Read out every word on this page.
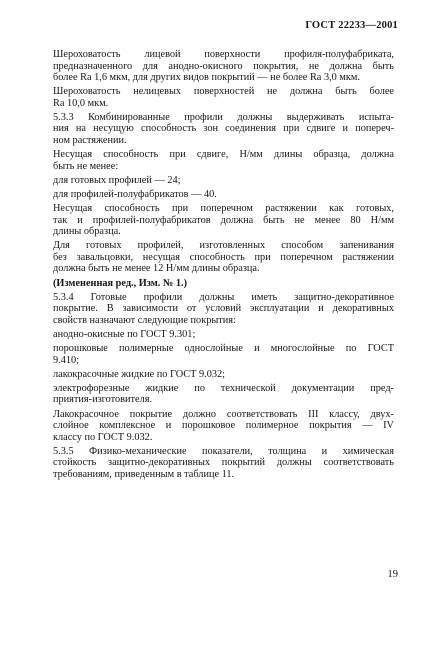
ГОСТ 22233—2001
Шероховатость лицевой поверхности профиля-полуфабриката,
предназначенного для анодно-окисного покрытия, не должна быть
более Ra 1,6 мкм, для других видов покрытий — не более Ra 3,0 мкм.
Шероховатость нелицевых поверхностей не должна быть более
Ra 10,0 мкм.
5.3.3 Комбинированные профили должны выдерживать испыта-
ния на несущую способность зон соединения при сдвиге и попереч-
ном растяжении.
Несущая способность при сдвиге, Н/мм длины образца, должна
быть не менее:
для готовых профилей — 24;
для профилей-полуфабрикатов — 40.
Несущая способность при поперечном растяжении как готовых,
так и профилей-полуфабрикатов должна быть не менее 80 Н/мм
длины образца.
Для готовых профилей, изготовленных способом запенивания
без завальцовки, несущая способность при поперечном растяжении
должна быть не менее 12 Н/мм длины образца.
(Измененная ред., Изм. № 1.)
5.3.4 Готовые профили должны иметь защитно-декоративное
покрытие. В зависимости от условий эксплуатации и декоративных
свойств назначают следующие покрытия:
анодно-окисные по ГОСТ 9.301;
порошковые полимерные однослойные и многослойные по ГОСТ
9.410;
лакокрасочные жидкие по ГОСТ 9.032;
электрофорезные жидкие по технической документации пред-
приятия-изготовителя.
Лакокрасочное покрытие должно соответствовать III классу, двух-
слойное комплексное и порошковое полимерное покрытия — IV
классу по ГОСТ 9.032.
5.3.5 Физико-механические показатели, толщина и химическая
стойкость защитно-декоративных покрытий должны соответствовать
требованиям, приведенным в таблице 11.
19
